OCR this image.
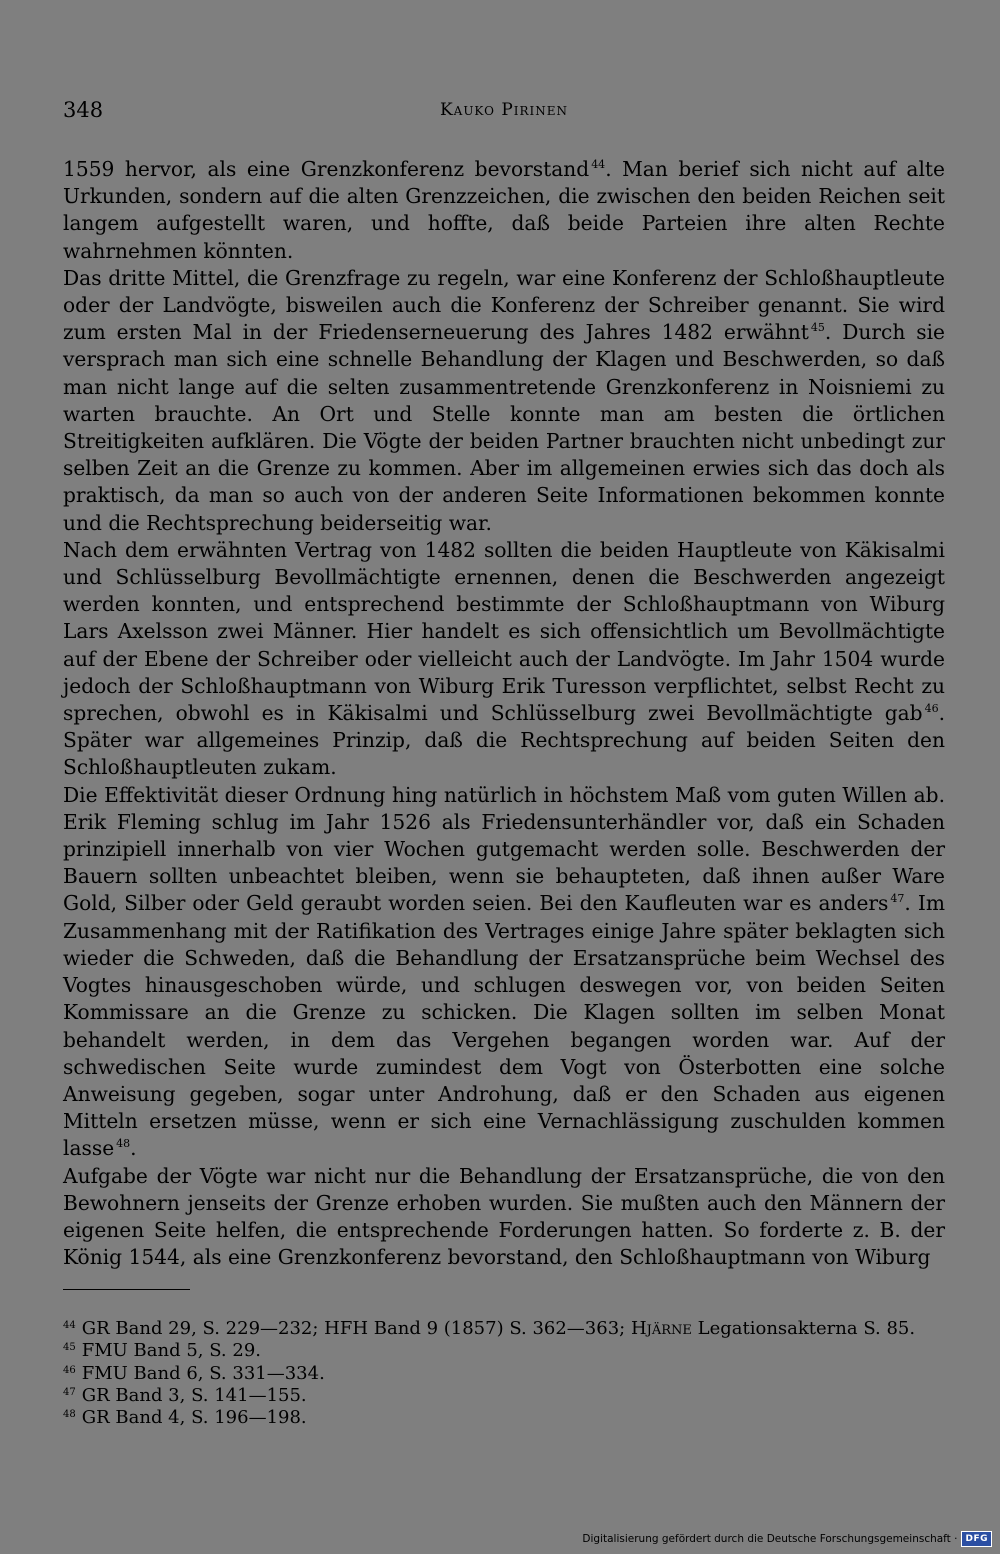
348	Kauko Pirinen

1559 hervor, als eine Grenzkonferenz bevorstand $^{44}$. Man berief sich nicht auf alte Urkunden, sondern auf die alten Grenzzeichen, die zwischen den beiden Reichen seit langem aufgestellt waren, und hoffte, daß beide Parteien ihre alten Rechte wahrnehmen könnten.

Das dritte Mittel, die Grenzfrage zu regeln, war eine Konferenz der Schloßhauptleute oder der Landvögte, bisweilen auch die Konferenz der Schreiber genannt. Sie wird zum ersten Mal in der Friedenserneuerung des Jahres 1482 erwähnt $^{45}$. Durch sie versprach man sich eine schnelle Behandlung der Klagen und Beschwerden, so daß man nicht lange auf die selten zusammentretende Grenzkonferenz in Noisniemi zu warten brauchte. An Ort und Stelle konnte man am besten die örtlichen Streitigkeiten aufklären. Die Vögte der beiden Partner brauchten nicht unbedingt zur selben Zeit an die Grenze zu kommen. Aber im allgemeinen erwies sich das doch als praktisch, da man so auch von der anderen Seite Informationen bekommen konnte und die Rechtsprechung beiderseitig war.

Nach dem erwähnten Vertrag von 1482 sollten die beiden Hauptleute von Käkisalmi und Schlüsselburg Bevollmächtigte ernennen, denen die Beschwerden angezeigt werden konnten, und entsprechend bestimmte der Schloßhauptmann von Wiburg Lars Axelsson zwei Männer. Hier handelt es sich offensichtlich um Bevollmächtigte auf der Ebene der Schreiber oder vielleicht auch der Landvögte. Im Jahr 1504 wurde jedoch der Schloßhauptmann von Wiburg Erik Turesson verpflichtet, selbst Recht zu sprechen, obwohl es in Käkisalmi und Schlüsselburg zwei Bevollmächtigte gab $^{46}$. Später war allgemeines Prinzip, daß die Rechtsprechung auf beiden Seiten den Schloßhauptleuten zukam.

Die Effektivität dieser Ordnung hing natürlich in höchstem Maß vom guten Willen ab. Erik Fleming schlug im Jahr 1526 als Friedensunterhändler vor, daß ein Schaden prinzipiell innerhalb von vier Wochen gutgemacht werden solle. Beschwerden der Bauern sollten unbeachtet bleiben, wenn sie behaupteten, daß ihnen außer Ware Gold, Silber oder Geld geraubt worden seien. Bei den Kaufleuten war es anders $^{47}$. Im Zusammenhang mit der Ratifikation des Vertrages einige Jahre später beklagten sich wieder die Schweden, daß die Behandlung der Ersatzansprüche beim Wechsel des Vogtes hinausgeschoben würde, und schlugen deswegen vor, von beiden Seiten Kommissare an die Grenze zu schicken. Die Klagen sollten im selben Monat behandelt werden, in dem das Vergehen begangen worden war. Auf der schwedischen Seite wurde zumindest dem Vogt von Österbotten eine solche Anweisung gegeben, sogar unter Androhung, daß er den Schaden aus eigenen Mitteln ersetzen müsse, wenn er sich eine Vernachlässigung zuschulden kommen lasse $^{48}$.

Aufgabe der Vögte war nicht nur die Behandlung der Ersatzansprüche, die von den Bewohnern jenseits der Grenze erhoben wurden. Sie mußten auch den Männern der eigenen Seite helfen, die entsprechende Forderungen hatten. So forderte z. B. der König 1544, als eine Grenzkonferenz bevorstand, den Schloßhauptmann von Wiburg

$^{44}$ GR Band 29, S. 229—232; HFH Band 9 (1857) S. 362—363; Hjärne Legationsakterna S. 85.

$^{45}$ FMU Band 5, S. 29.

$^{46}$ FMU Band 6, S. 331—334.

$^{47}$ GR Band 3, S. 141—155.

$^{48}$ GR Band 4, S. 196—198.

Digitalisierung gefördert durch die Deutsche Forschungsgemeinschaft · DFG
